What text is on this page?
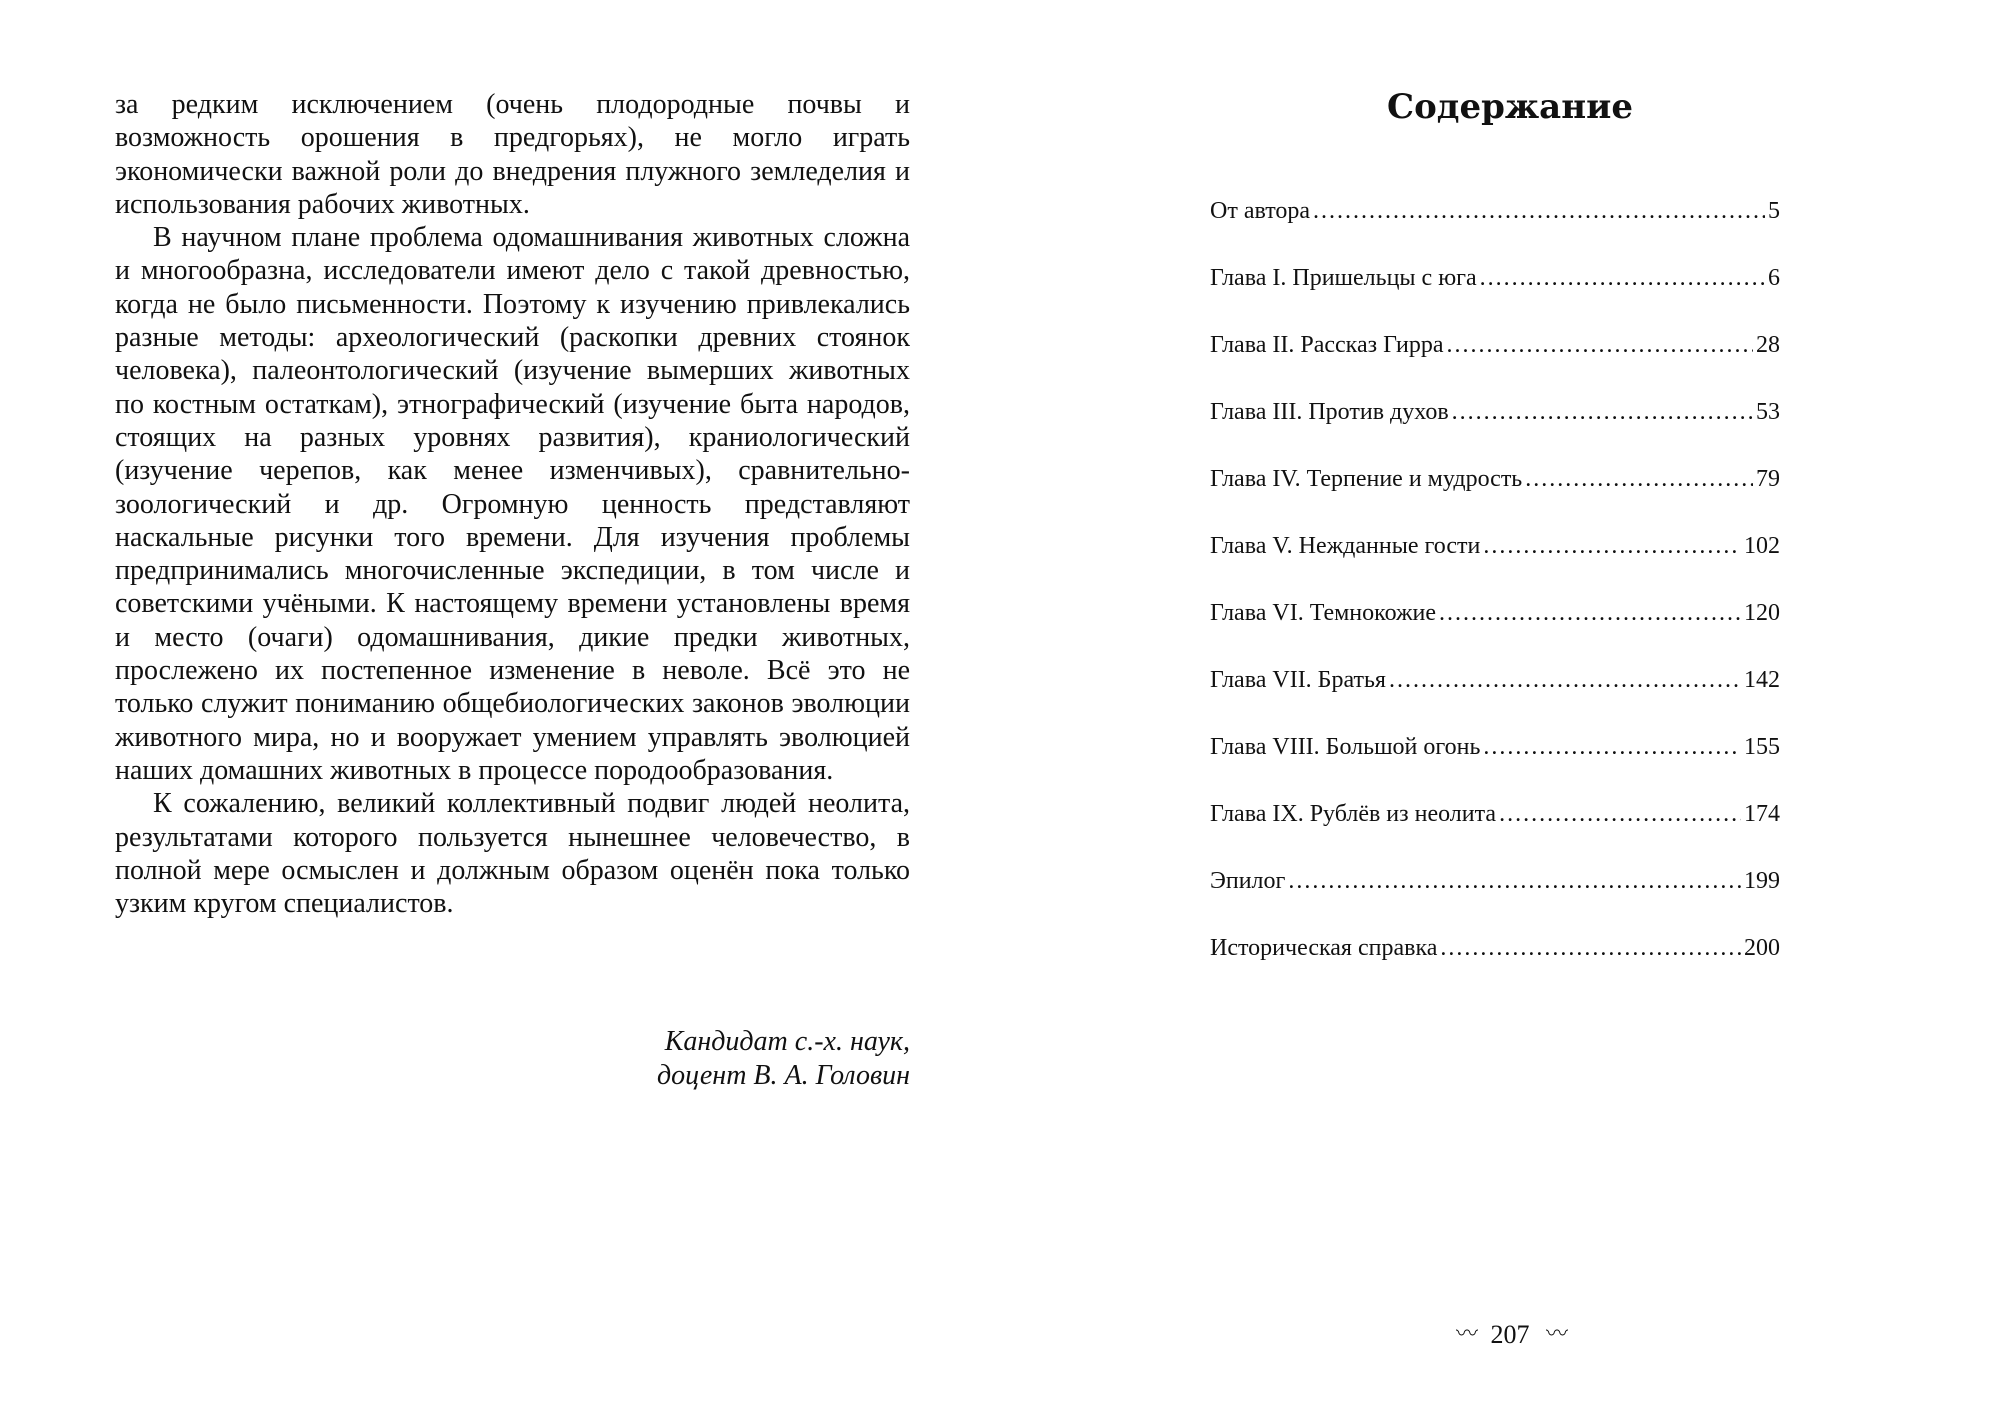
за редким исключением (очень плодородные почвы и возможность орошения в предгорьях), не могло играть экономически важной роли до внедрения плужного земледелия и использования рабочих животных.

В научном плане проблема одомашнивания животных сложна и многообразна, исследователи имеют дело с такой древностью, когда не было письменности. Поэтому к изучению привлекались разные методы: археологический (раскопки древних стоянок человека), палеонтологический (изучение вымерших животных по костным остаткам), этнографический (изучение быта народов, стоящих на разных уровнях развития), краниологический (изучение черепов, как менее изменчивых), сравнительно-зоологический и др. Огромную ценность представляют наскальные рисунки того времени. Для изучения проблемы предпринимались многочисленные экспедиции, в том числе и советскими учёными. К настоящему времени установлены время и место (очаги) одомашнивания, дикие предки животных, прослежено их постепенное изменение в неволе. Всё это не только служит пониманию общебиологических законов эволюции животного мира, но и вооружает умением управлять эволюцией наших домашних животных в процессе породообразования.

К сожалению, великий коллективный подвиг людей неолита, результатами которого пользуется нынешнее человечество, в полной мере осмыслен и должным образом оценён пока только узким кругом специалистов.

Кандидат с.-х. наук,
доцент В. А. Головин
Содержание
От автора .....	5
Глава I. Пришельцы с юга .....	6
Глава II. Рассказ Гирра .....	28
Глава III. Против духов .....	53
Глава IV. Терпение и мудрость .....	79
Глава V. Нежданные гости .....	102
Глава VI. Темнокожие .....	120
Глава VII. Братья .....	142
Глава VIII. Большой огонь .....	155
Глава IX. Рублёв из неолита .....	174
Эпилог .....	199
Историческая справка .....	200
〰 207 〰
